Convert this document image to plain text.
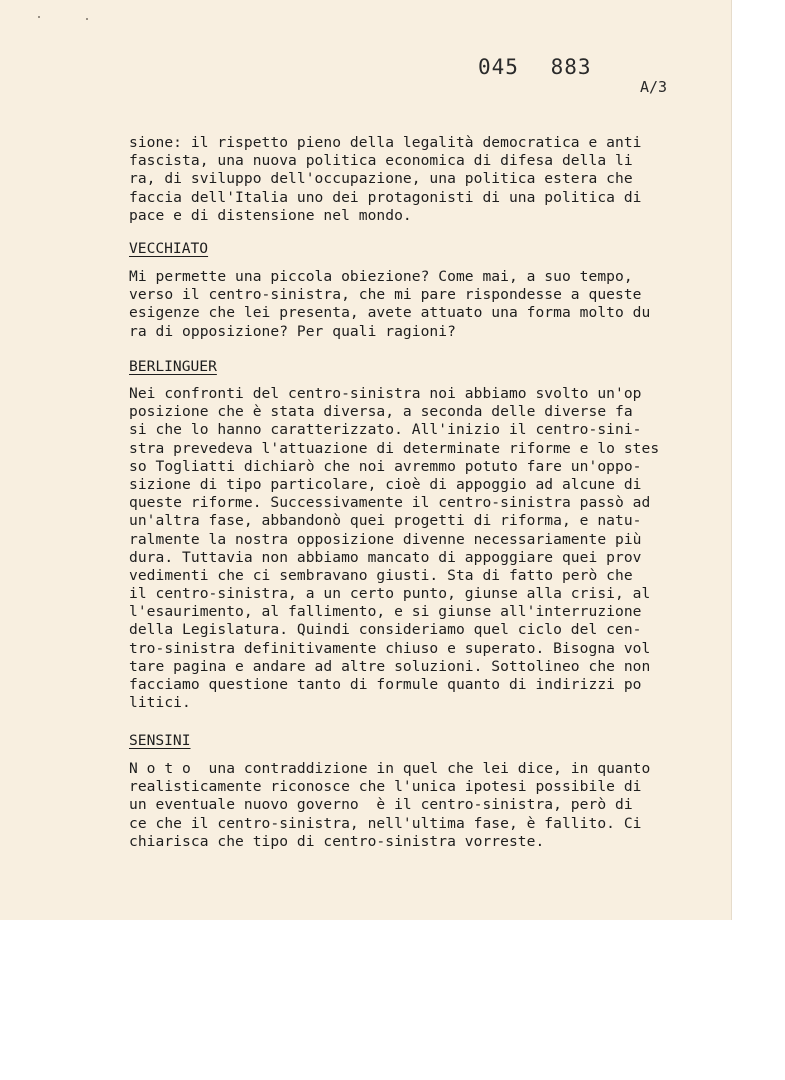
045 883
A/3
sione: il rispetto pieno della legalità democratica e anti
fascista, una nuova politica economica di difesa della li
ra, di sviluppo dell'occupazione, una politica estera che
faccia dell'Italia uno dei protagonisti di una politica di
pace e di distensione nel mondo.
VECCHIATO
Mi permette una piccola obiezione? Come mai, a suo tempo,
verso il centro-sinistra, che mi pare rispondesse a queste
esigenze che lei presenta, avete attuato una forma molto du
ra di opposizione? Per quali ragioni?
BERLINGUER
Nei confronti del centro-sinistra noi abbiamo svolto un'op
posizione che è stata diversa, a seconda delle diverse fa
si che lo hanno caratterizzato. All'inizio il centro-sini-
stra prevedeva l'attuazione di determinate riforme e lo stes
so Togliatti dichiarò che noi avremmo potuto fare un'oppo-
sizione di tipo particolare, cioè di appoggio ad alcune di
queste riforme. Successivamente il centro-sinistra passò ad
un'altra fase, abbandonò quei progetti di riforma, e natu-
ralmente la nostra opposizione divenne necessariamente più
dura. Tuttavia non abbiamo mancato di appoggiare quei prov
vedimenti che ci sembravano giusti. Sta di fatto però che
il centro-sinistra, a un certo punto, giunse alla crisi, al
l'esaurimento, al fallimento, e si giunse all'interruzione
della Legislatura. Quindi consideriamo quel ciclo del cen-
tro-sinistra definitivamente chiuso e superato. Bisogna vol
tare pagina e andare ad altre soluzioni. Sottolineo che non
facciamo questione tanto di formule quanto di indirizzi po
litici.
SENSINI
N o t o  una contraddizione in quel che lei dice, in quanto
realisticamente riconosce che l'unica ipotesi possibile di
un eventuale nuovo governo  è il centro-sinistra, però di
ce che il centro-sinistra, nell'ultima fase, è fallito. Ci
chiarisca che tipo di centro-sinistra vorreste.
